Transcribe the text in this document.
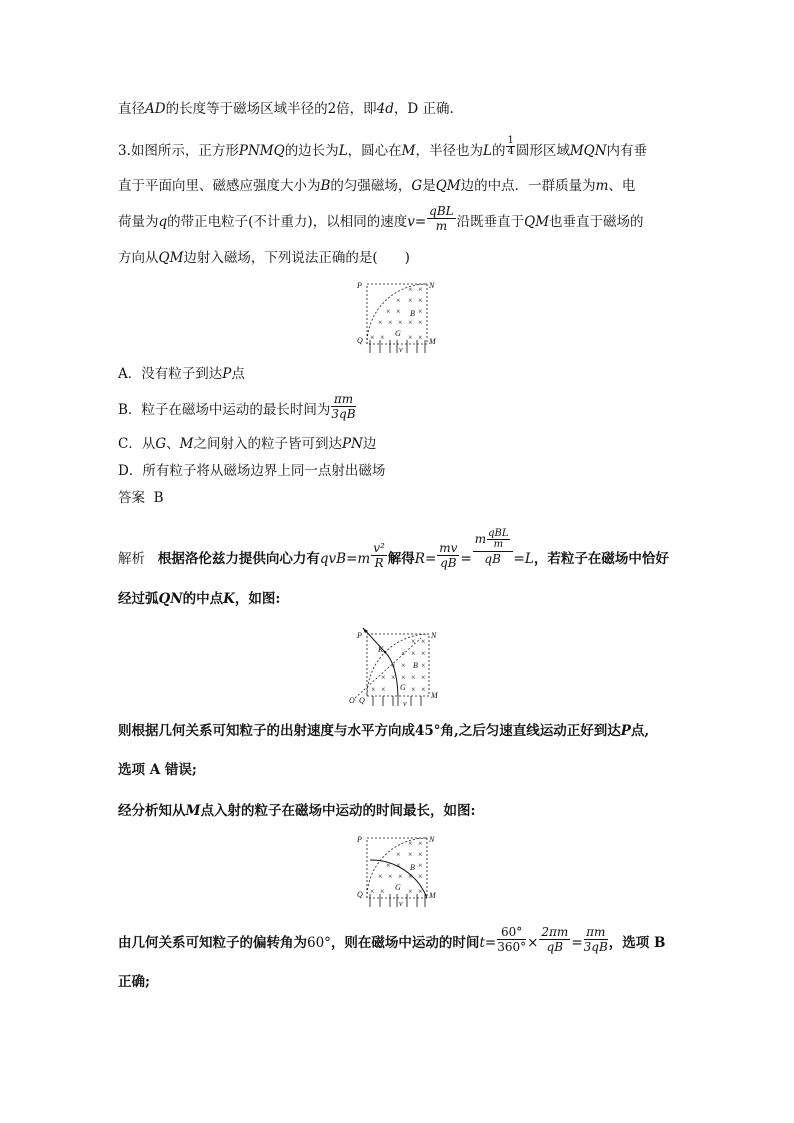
直径AD的长度等于磁场区域半径的2倍，即4d，D 正确.
3.如图所示，正方形PNMQ的边长为L，圆心在M，半径也为L的 $\frac{1}{4}$ 圆形区域MQN内有垂
直于平面向里、磁感应强度大小为B的匀强磁场，G是QM边的中点．一群质量为m、电
荷量为q的带正电粒子(不计重力)，以相同的速度$v= \frac{\text{qBL}}{m}$ 沿既垂直于QM也垂直于磁场的
方向从QM边射入磁场，下列说法正确的是(　　)
P	N
Q	M
G
B
v
× ×
× × ×
× × ×
× × × × ×
× ×	× ×
A．没有粒子到达P点
B．粒子在磁场中运动的最长时间为 $\frac{\pi m}{3qB}$
C．从G、M之间射入的粒子皆可到达PN边
D．所有粒子将从磁场边界上同一点射出磁场
答案 B
解析 根据洛伦兹力提供向心力有$qvB=m \frac{\text{v²}}{R}$ 解得$R= \frac{mv}{qB} = \frac{m \frac{\text{qBL}}{m}}{qB} =L$，若粒子在磁场中恰好
经过弧QN的中点K，如图:
P	N
K
O Q
M
G
B
v
× ×
× × ×
× × ×
× × × × ×
× ×	× ×
则根据几何关系可知粒子的出射速度与水平方向成45°角,之后匀速直线运动正好到达P点,
选项 A 错误;
经分析知从M点入射的粒子在磁场中运动的时间最长，如图:
P	N
Q	M
G
B
v
× ×
× × ×
× × ×
× × × × ×
× ×	× ×
由几何关系可知粒子的偏转角为60°，则在磁场中运动的时间$t= \frac{60^\circ}{360^\circ} \times \frac{2\pi m}{qB} = \frac{\pi m}{3qB}$ ，选项 B
正确;
